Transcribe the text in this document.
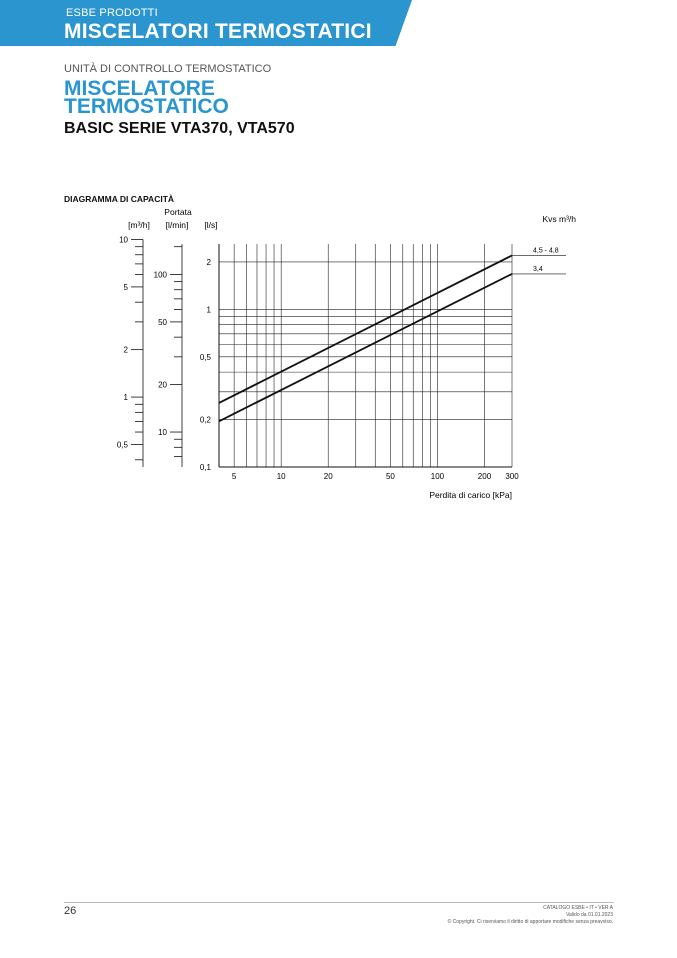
ESBE PRODOTTI
MISCELATORI TERMOSTATICI
UNITÀ DI CONTROLLO TERMOSTATICO
MISCELATORE TERMOSTATICO
BASIC SERIE VTA370, VTA570
DIAGRAMMA DI CAPACITÀ
5	10	20	50	100	200 300
Perdita di carico [kPa]
0,1
0,2
0,5
1
2
10
20
50
100
0,5
1
2
5
10
Portata
[m³/h] [l/min] [l/s]
Kvs m³/h
4,5 - 4,8
3,4
26	CATALOGO ESBE • IT • VER A
Valido da 01.01.2023
© Copyright. Ci riserviamo il diritto di apportare modifiche senza preavviso.
